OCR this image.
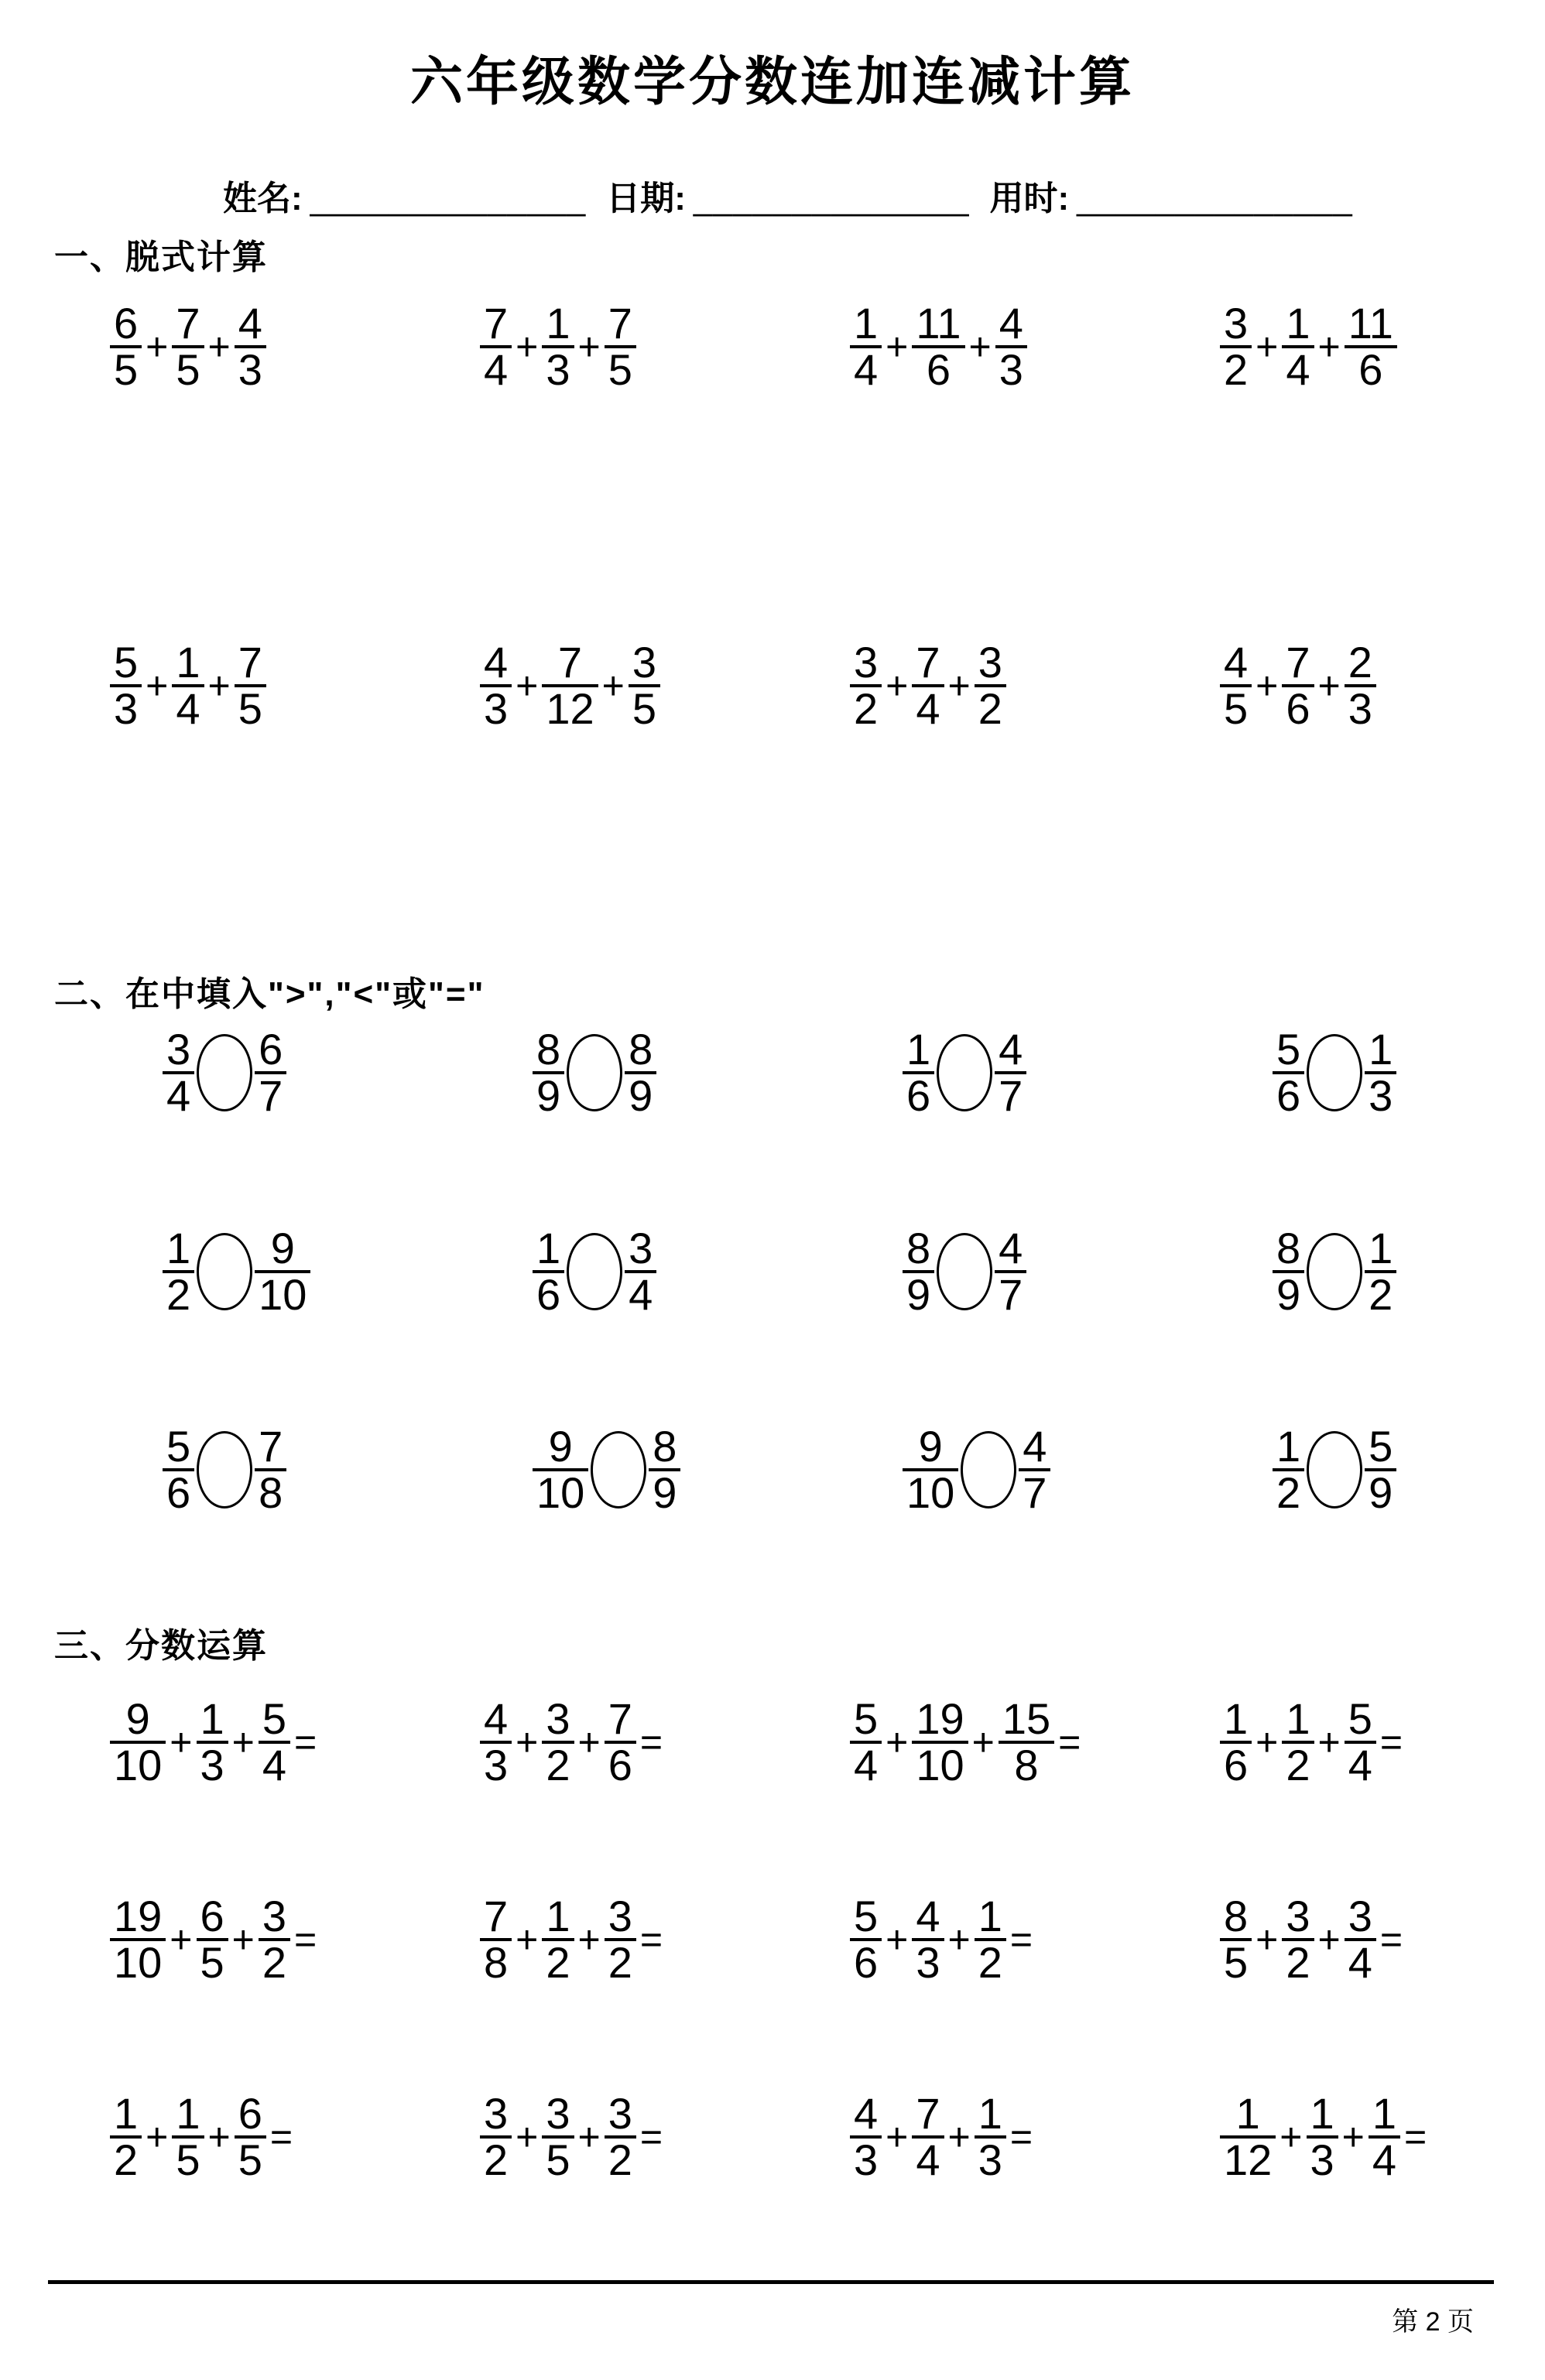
六年级数学分数连加连减计算
姓名: ______________ 日期: ______________ 用时: ______________
一、脱式计算
$\frac{6}{5} + \frac{7}{5} + \frac{4}{3}$	$\frac{7}{4} + \frac{1}{3} + \frac{7}{5}$	$\frac{1}{4} + \frac{11}{6} + \frac{4}{3}$	$\frac{3}{2} + \frac{1}{4} + \frac{11}{6}$
$\frac{5}{3} + \frac{1}{4} + \frac{7}{5}$	$\frac{4}{3} + \frac{7}{12} + \frac{3}{5}$	$\frac{3}{2} + \frac{7}{4} + \frac{3}{2}$	$\frac{4}{5} + \frac{7}{6} + \frac{2}{3}$
二、在中填入">","<"或"="
$\frac{3}{4} \frac{6}{7}$	$\frac{8}{9} \frac{8}{9}$	$\frac{1}{6} \frac{4}{7}$	$\frac{5}{6} \frac{1}{3}$
$\frac{1}{2} \frac{9}{10}$	$\frac{1}{6} \frac{3}{4}$	$\frac{8}{9} \frac{4}{7}$	$\frac{8}{9} \frac{1}{2}$
$\frac{5}{6} \frac{7}{8}$	$\frac{9}{10} \frac{8}{9}$	$\frac{9}{10} \frac{4}{7}$	$\frac{1}{2} \frac{5}{9}$
三、分数运算
$\frac{9}{10} + \frac{1}{3} + \frac{5}{4}$ =	$\frac{4}{3} + \frac{3}{2} + \frac{7}{6}$ =	$\frac{5}{4} + \frac{19}{10} + \frac{15}{8}$ =	$\frac{1}{6} + \frac{1}{2} + \frac{5}{4}$ =
$\frac{19}{10} + \frac{6}{5} + \frac{3}{2}$ =	$\frac{7}{8} + \frac{1}{2} + \frac{3}{2}$ =	$\frac{5}{6} + \frac{4}{3} + \frac{1}{2}$ =	$\frac{8}{5} + \frac{3}{2} + \frac{3}{4}$ =
$\frac{1}{2} + \frac{1}{5} + \frac{6}{5}$ =	$\frac{3}{2} + \frac{3}{5} + \frac{3}{2}$ =	$\frac{4}{3} + \frac{7}{4} + \frac{1}{3}$ =	$\frac{1}{12} + \frac{1}{3} + \frac{1}{4}$ =
第 2 页
